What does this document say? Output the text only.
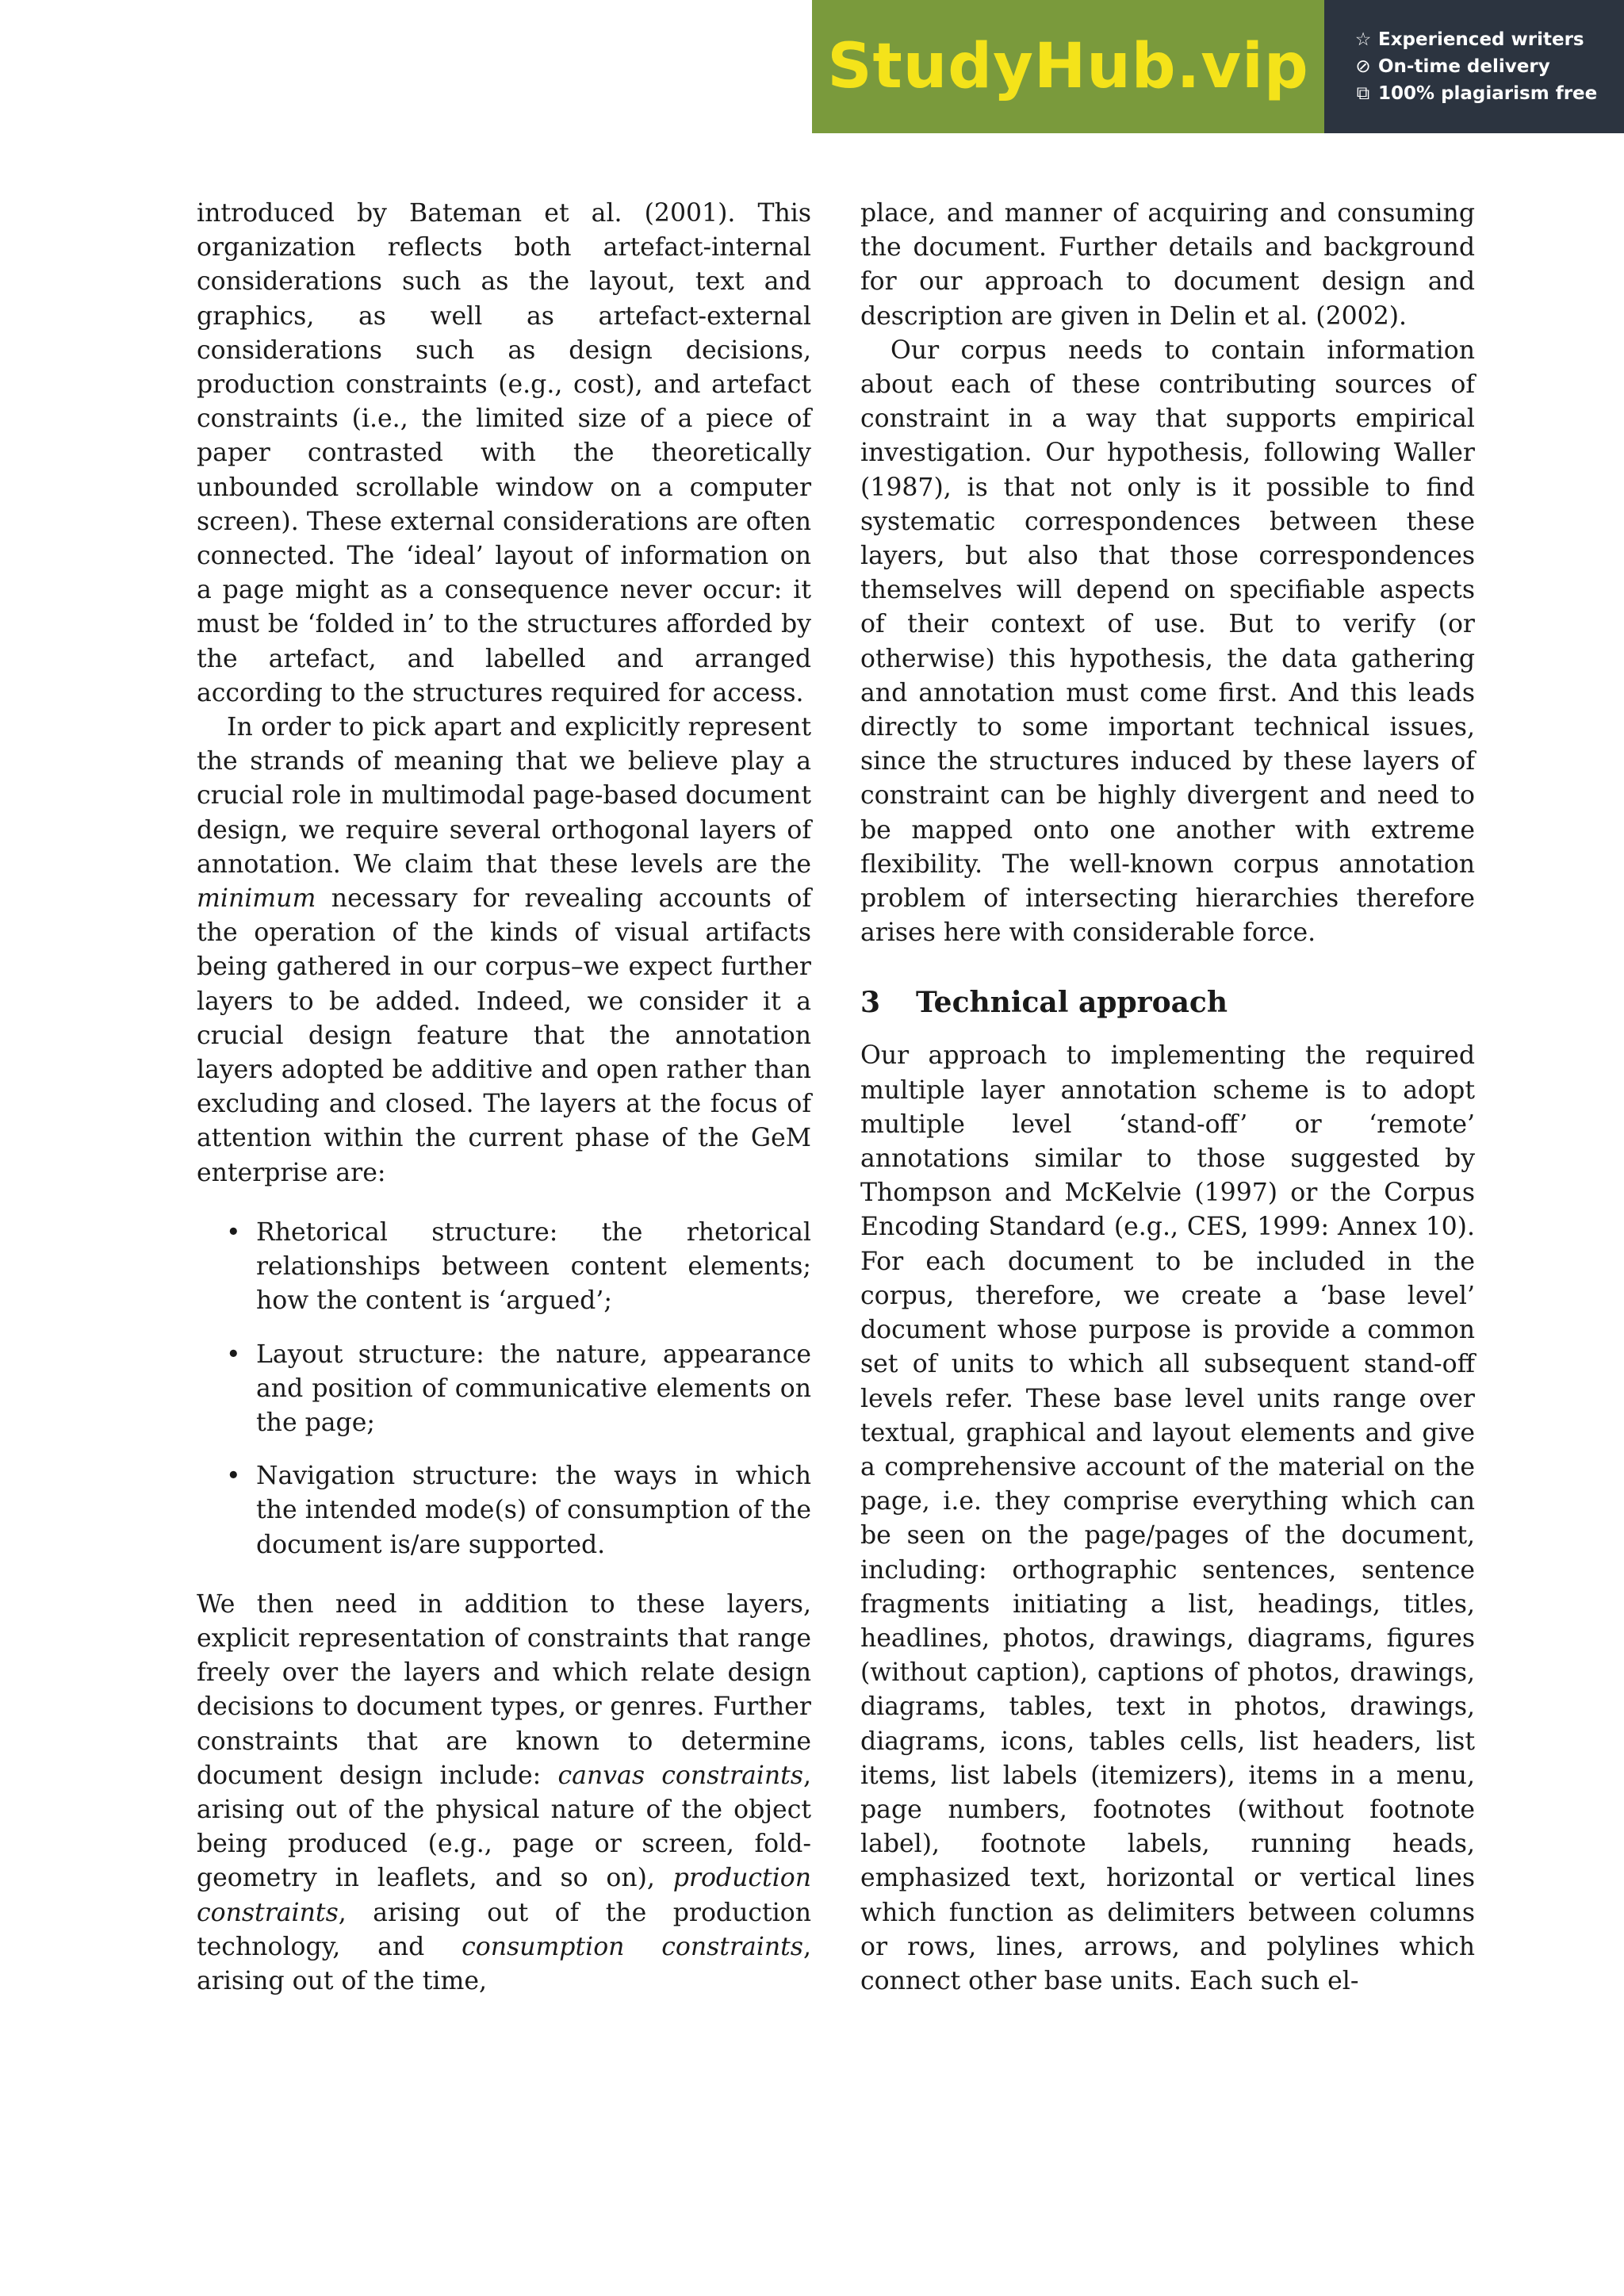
StudyHub.vip	☆ Experienced writers
⊘ On-time delivery
⧉ 100% plagiarism free

introduced by Bateman et al. (2001). This organization reflects both artefact-internal considerations such as the layout, text and graphics, as well as artefact-external considerations such as design decisions, production constraints (e.g., cost), and artefact constraints (i.e., the limited size of a piece of paper contrasted with the theoretically unbounded scrollable window on a computer screen). These external considerations are often connected. The ‘ideal’ layout of information on a page might as a consequence never occur: it must be ‘folded in’ to the structures afforded by the artefact, and labelled and arranged according to the structures required for access.

In order to pick apart and explicitly represent the strands of meaning that we believe play a crucial role in multimodal page-based document design, we require several orthogonal layers of annotation. We claim that these levels are the minimum necessary for revealing accounts of the operation of the kinds of visual artifacts being gathered in our corpus–we expect further layers to be added. Indeed, we consider it a crucial design feature that the annotation layers adopted be additive and open rather than excluding and closed. The layers at the focus of attention within the current phase of the GeM enterprise are:

• Rhetorical structure: the rhetorical relationships between content elements; how the content is ‘argued’;
• Layout structure: the nature, appearance and position of communicative elements on the page;
• Navigation structure: the ways in which the intended mode(s) of consumption of the document is/are supported.

We then need in addition to these layers, explicit representation of constraints that range freely over the layers and which relate design decisions to document types, or genres. Further constraints that are known to determine document design include: canvas constraints, arising out of the physical nature of the object being produced (e.g., page or screen, fold-geometry in leaflets, and so on), production constraints, arising out of the production technology, and consumption constraints, arising out of the time,

place, and manner of acquiring and consuming the document. Further details and background for our approach to document design and description are given in Delin et al. (2002).

Our corpus needs to contain information about each of these contributing sources of constraint in a way that supports empirical investigation. Our hypothesis, following Waller (1987), is that not only is it possible to find systematic correspondences between these layers, but also that those correspondences themselves will depend on specifiable aspects of their context of use. But to verify (or otherwise) this hypothesis, the data gathering and annotation must come first. And this leads directly to some important technical issues, since the structures induced by these layers of constraint can be highly divergent and need to be mapped onto one another with extreme flexibility. The well-known corpus annotation problem of intersecting hierarchies therefore arises here with considerable force.

3 Technical approach

Our approach to implementing the required multiple layer annotation scheme is to adopt multiple level ‘stand-off’ or ‘remote’ annotations similar to those suggested by Thompson and McKelvie (1997) or the Corpus Encoding Standard (e.g., CES, 1999: Annex 10). For each document to be included in the corpus, therefore, we create a ‘base level’ document whose purpose is provide a common set of units to which all subsequent stand-off levels refer. These base level units range over textual, graphical and layout elements and give a comprehensive account of the material on the page, i.e. they comprise everything which can be seen on the page/pages of the document, including: orthographic sentences, sentence fragments initiating a list, headings, titles, headlines, photos, drawings, diagrams, figures (without caption), captions of photos, drawings, diagrams, tables, text in photos, drawings, diagrams, icons, tables cells, list headers, list items, list labels (itemizers), items in a menu, page numbers, footnotes (without footnote label), footnote labels, running heads, emphasized text, horizontal or vertical lines which function as delimiters between columns or rows, lines, arrows, and polylines which connect other base units. Each such el-
